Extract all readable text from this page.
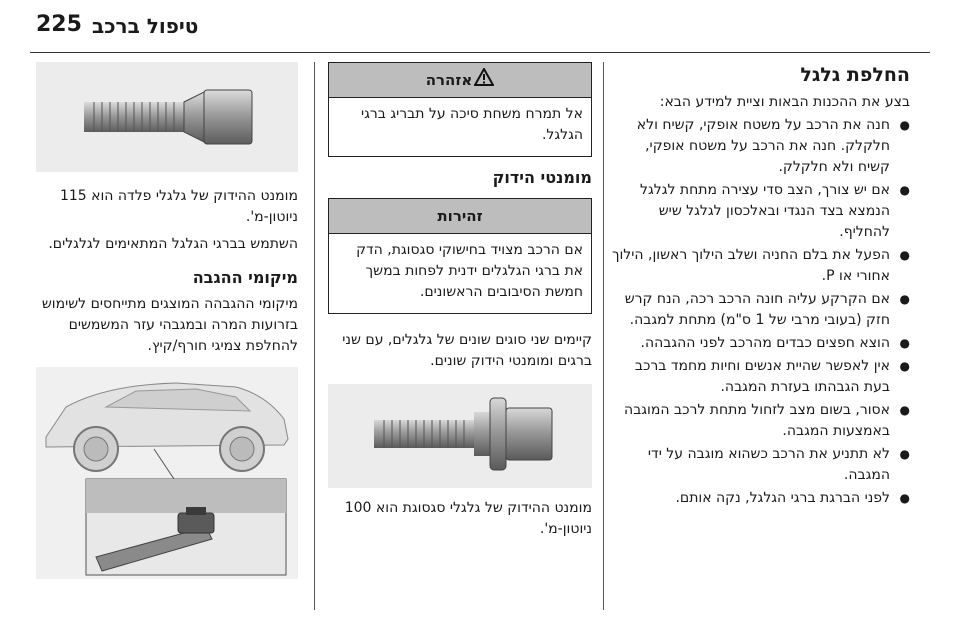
225 טיפול ברכב
החלפת גלגל
בצע את ההכנות הבאות וציית למידע הבא:
● חנה את הרכב על משטח אופקי, קשיח ולא חלקלק. חנה את הרכב על משטח אופקי, קשיח ולא חלקלק.
● אם יש צורך, הצב סדי עצירה מתחת לגלגל הנמצא בצד הנגדי ובאלכסון לגלגל שיש להחליף.
● הפעל את בלם החניה ושלב הילוך ראשון, הילוך אחורי או P.
● אם הקרקע עליה חונה הרכב רכה, הנח קרש חזק (בעובי מרבי של 1 ס"מ) מתחת למגבה.
● הוצא חפצים כבדים מהרכב לפני ההגבהה.
● אין לאפשר שהיית אנשים וחיות מחמד ברכב בעת הגבהתו בעזרת המגבה.
● אסור, בשום מצב לזחול מתחת לרכב המוגבה באמצעות המגבה.
● לא תתניע את הרכב כשהוא מוגבה על ידי המגבה.
● לפני הברגת ברגי הגלגל, נקה אותם.
אזהרה
אל תמרח משחת סיכה על תבריג ברגי הגלגל.
מומנטי הידוק
זהירות
אם הרכב מצויד בחישוקי סגסוגת, הדק את ברגי הגלגלים ידנית לפחות במשך חמשת הסיבובים הראשונים.
קיימים שני סוגים שונים של גלגלים, עם שני ברגים ומומנטי הידוק שונים.
מומנט ההידוק של גלגלי סגסוגת הוא 100 ניוטון-מ'.
מומנט ההידוק של גלגלי פלדה הוא 115 ניוטון-מ'.
השתמש בברגי הגלגל המתאימים לגלגלים.
מיקומי ההגבה
מיקומי ההגבהה המוצגים מתייחסים לשימוש בזרועות המרה ובמגבהי עזר המשמשים להחלפת צמיגי חורף/קיץ.
